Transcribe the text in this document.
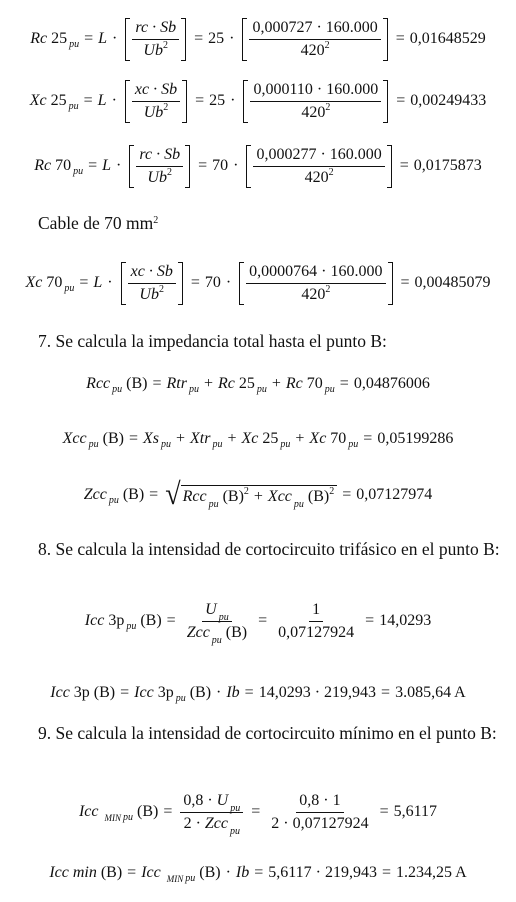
Rc
25 pu = $L \cdot \frac{rc \cdot Sb}{Ub^2} = 25 \cdot \frac{0,000727 \cdot 160.000}{420^2} = 0,01648529$
Xc
25 pu = $L \cdot \frac{xc \cdot Sb}{Ub^2} = 25 \cdot \frac{0,000110 \cdot 160.000}{420^2} = 0,00249433$
Rc
70 pu = $L \cdot \frac{rc \cdot Sb}{Ub^2} = 70 \cdot \frac{0,000277 \cdot 160.000}{420^2} = 0,0175873$
Cable de 70 $mm^2$
Xc
70 pu = $L \cdot \frac{xc \cdot Sb}{Ub^2} = 70 \cdot \frac{0,0000764 \cdot 160.000}{420^2} = 0,00485079$
7. Se calcula la impedancia total hasta el punto B:
Rcc pu
(B) = Rtr pu + Rc
25 pu + Rc
70 pu = 0,04876006
Xcc pu
(B) = Xs pu + Xtr pu + Xc
25 pu + Xc
70 pu = 0,05199286
Zcc pu
(B) = √ Rcc $_{pu}$ $(B)^2$ + Xcc $_{pu}$ $(B)^2 = 0,07127974$
8. Se calcula la intensidad de cortocircuito trifásico en el punto B:
Icc
3p pu
$(B) = \frac{U _{pu}}{Zcc _{pu} (B)} = \frac{1}{0,07127924} = 14,0293$
Icc
3p
(B) = Icc
3p pu
(B) · Ib = 14,0293 · 219,943 = 3.085,64 A
9. Se calcula la intensidad de cortocircuito mínimo en el punto B:
Icc
MIN pu
$(B) = \frac{0,8 \cdot U _{pu}}{2 \cdot Zcc _{pu}} = \frac{0,8 \cdot 1}{2 \cdot 0,07127924} = 5,6117$
Icc
min
(B) = Icc
MIN pu
(B) · Ib = 5,6117 · 219,943 = 1.234,25 A
